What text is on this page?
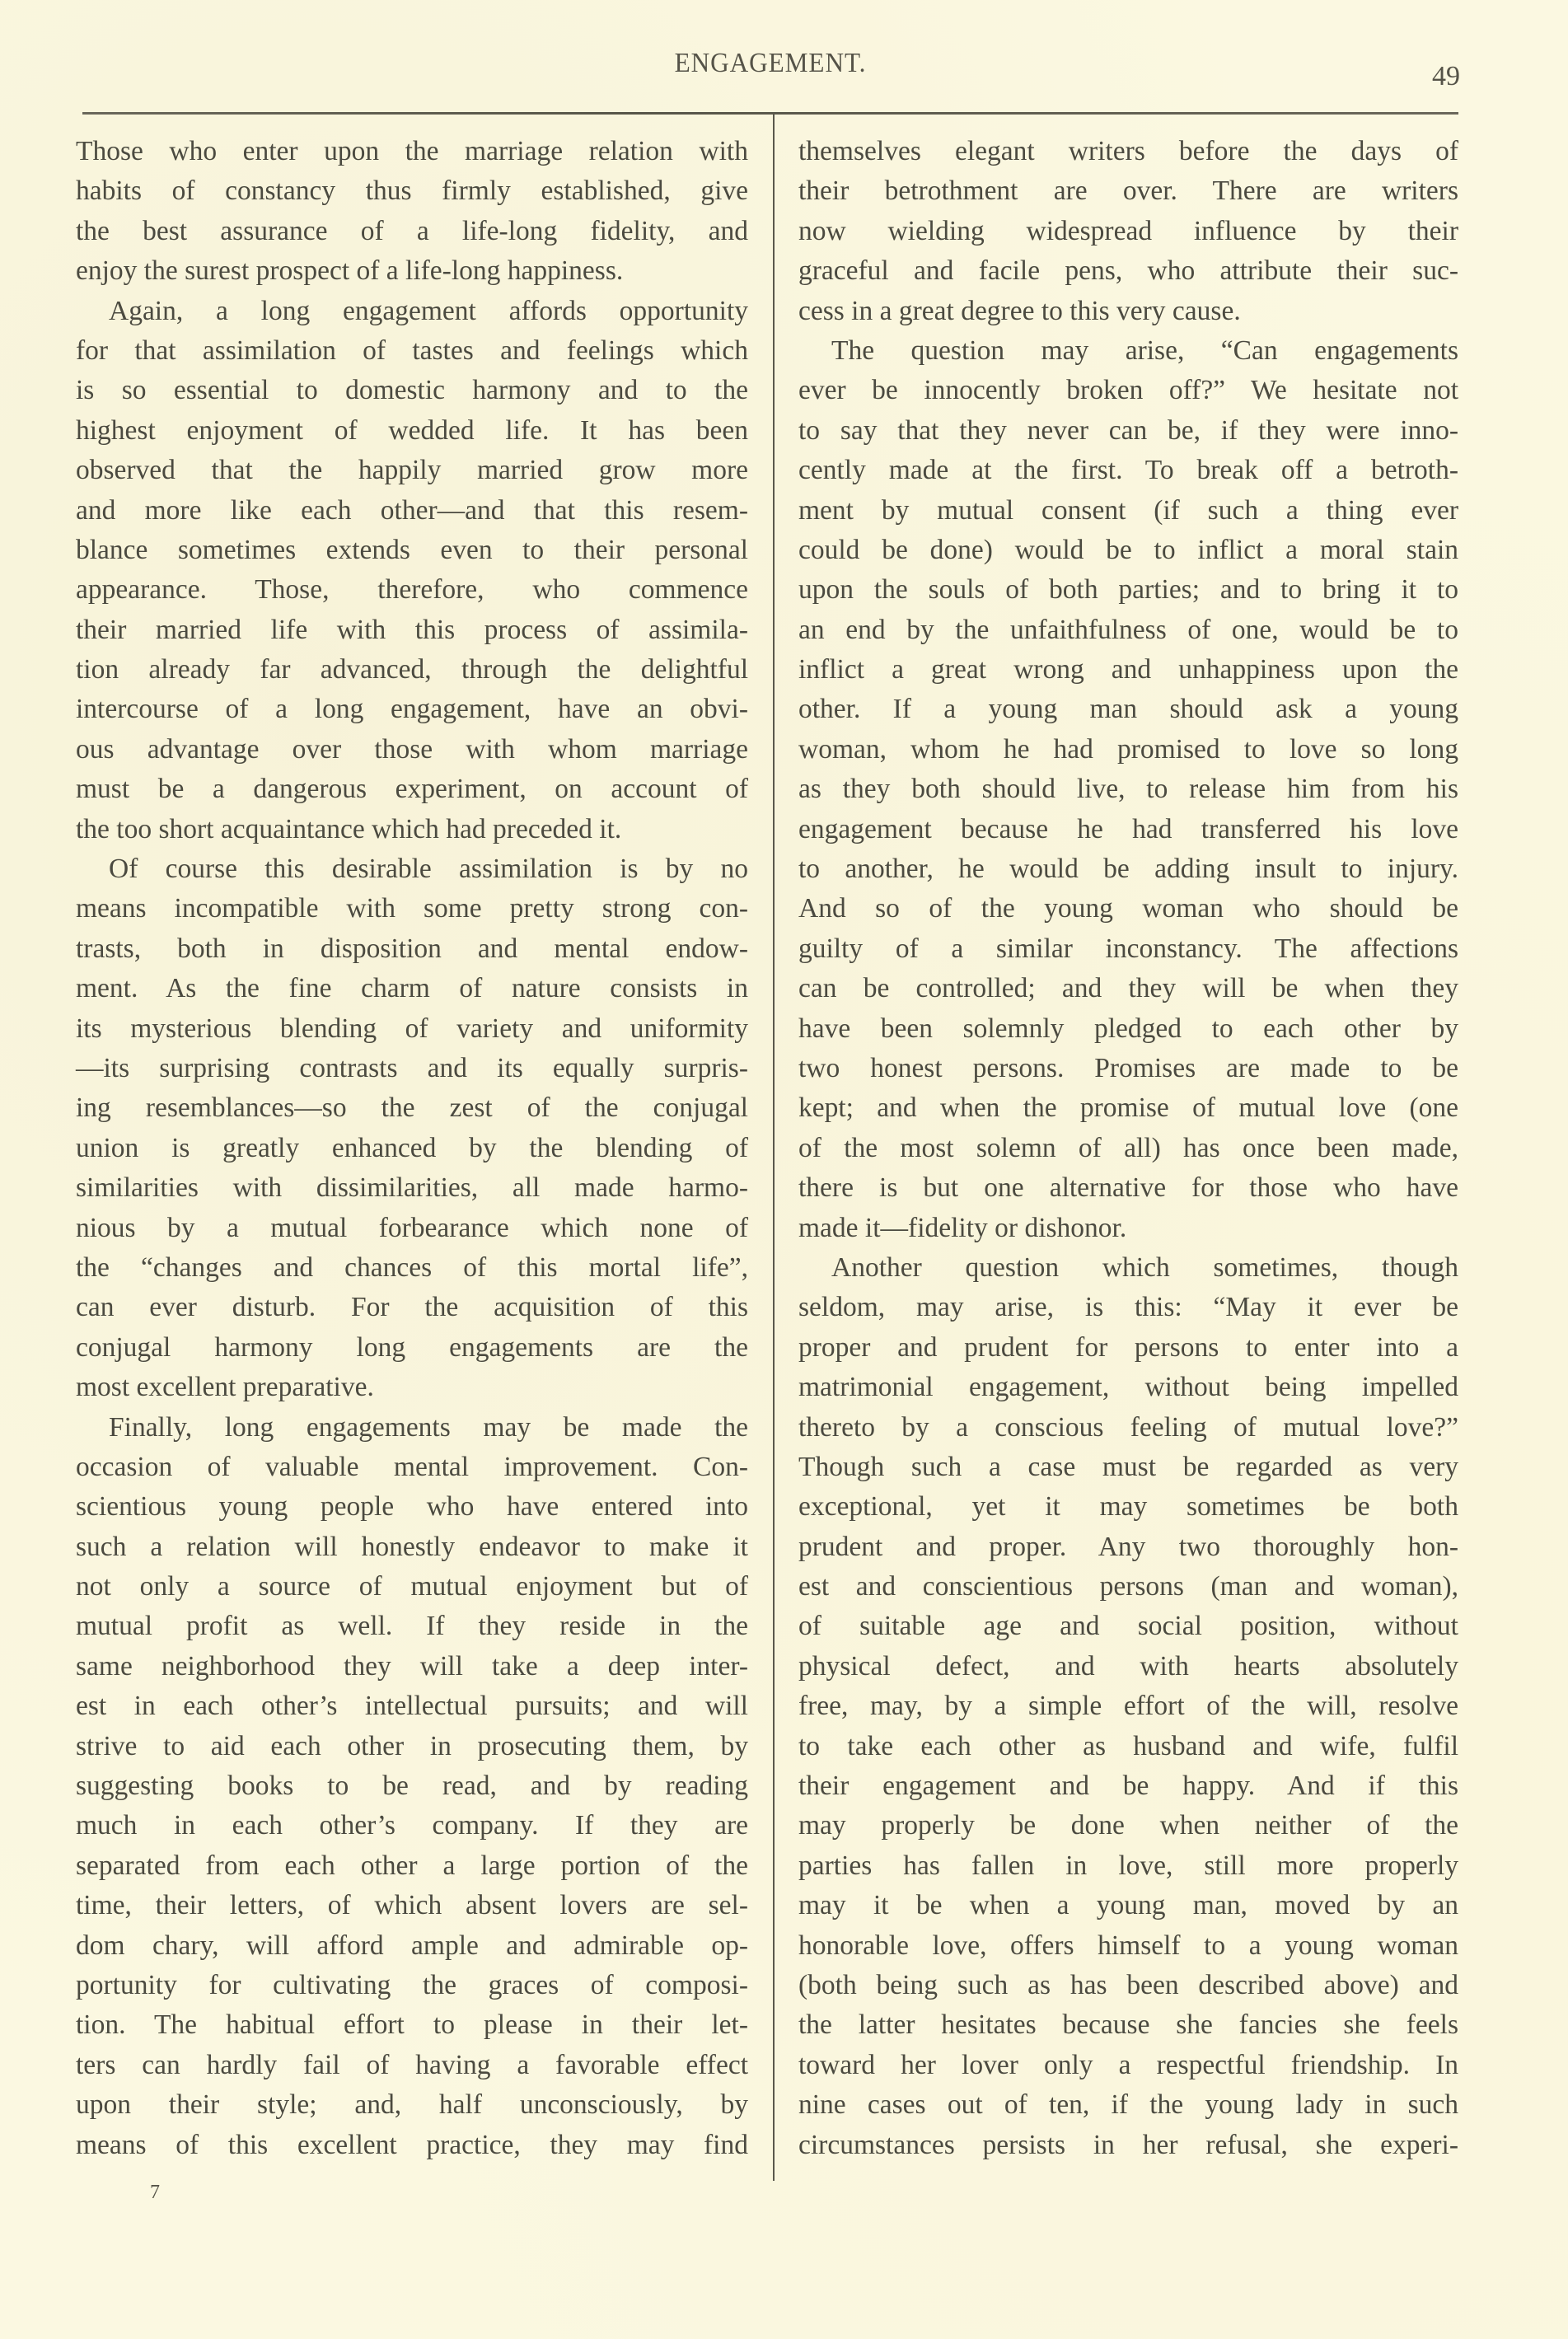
ENGAGEMENT.	49
Those who enter upon the marriage relation with
habits of constancy thus firmly established, give
the best assurance of a life-long fidelity, and
enjoy the surest prospect of a life-long happiness.
Again, a long engagement affords opportunity
for that assimilation of tastes and feelings which
is so essential to domestic harmony and to the
highest enjoyment of wedded life. It has been
observed that the happily married grow more
and more like each other—and that this resem-
blance sometimes extends even to their personal
appearance. Those, therefore, who commence
their married life with this process of assimila-
tion already far advanced, through the delightful
intercourse of a long engagement, have an obvi-
ous advantage over those with whom marriage
must be a dangerous experiment, on account of
the too short acquaintance which had preceded it.
Of course this desirable assimilation is by no
means incompatible with some pretty strong con-
trasts, both in disposition and mental endow-
ment. As the fine charm of nature consists in
its mysterious blending of variety and uniformity
—its surprising contrasts and its equally surpris-
ing resemblances—so the zest of the conjugal
union is greatly enhanced by the blending of
similarities with dissimilarities, all made harmo-
nious by a mutual forbearance which none of
the “changes and chances of this mortal life”,
can ever disturb. For the acquisition of this
conjugal harmony long engagements are the
most excellent preparative.
Finally, long engagements may be made the
occasion of valuable mental improvement. Con-
scientious young people who have entered into
such a relation will honestly endeavor to make it
not only a source of mutual enjoyment but of
mutual profit as well. If they reside in the
same neighborhood they will take a deep inter-
est in each other’s intellectual pursuits; and will
strive to aid each other in prosecuting them, by
suggesting books to be read, and by reading
much in each other’s company. If they are
separated from each other a large portion of the
time, their letters, of which absent lovers are sel-
dom chary, will afford ample and admirable op-
portunity for cultivating the graces of composi-
tion. The habitual effort to please in their let-
ters can hardly fail of having a favorable effect
upon their style; and, half unconsciously, by
means of this excellent practice, they may find
themselves elegant writers before the days of
their betrothment are over. There are writers
now wielding widespread influence by their
graceful and facile pens, who attribute their suc-
cess in a great degree to this very cause.
The question may arise, “Can engagements
ever be innocently broken off?” We hesitate not
to say that they never can be, if they were inno-
cently made at the first. To break off a betroth-
ment by mutual consent (if such a thing ever
could be done) would be to inflict a moral stain
upon the souls of both parties; and to bring it to
an end by the unfaithfulness of one, would be to
inflict a great wrong and unhappiness upon the
other. If a young man should ask a young
woman, whom he had promised to love so long
as they both should live, to release him from his
engagement because he had transferred his love
to another, he would be adding insult to injury.
And so of the young woman who should be
guilty of a similar inconstancy. The affections
can be controlled; and they will be when they
have been solemnly pledged to each other by
two honest persons. Promises are made to be
kept; and when the promise of mutual love (one
of the most solemn of all) has once been made,
there is but one alternative for those who have
made it—fidelity or dishonor.
Another question which sometimes, though
seldom, may arise, is this: “May it ever be
proper and prudent for persons to enter into a
matrimonial engagement, without being impelled
thereto by a conscious feeling of mutual love?”
Though such a case must be regarded as very
exceptional, yet it may sometimes be both
prudent and proper. Any two thoroughly hon-
est and conscientious persons (man and woman),
of suitable age and social position, without
physical defect, and with hearts absolutely
free, may, by a simple effort of the will, resolve
to take each other as husband and wife, fulfil
their engagement and be happy. And if this
may properly be done when neither of the
parties has fallen in love, still more properly
may it be when a young man, moved by an
honorable love, offers himself to a young woman
(both being such as has been described above) and
the latter hesitates because she fancies she feels
toward her lover only a respectful friendship. In
nine cases out of ten, if the young lady in such
circumstances persists in her refusal, she experi-
7
